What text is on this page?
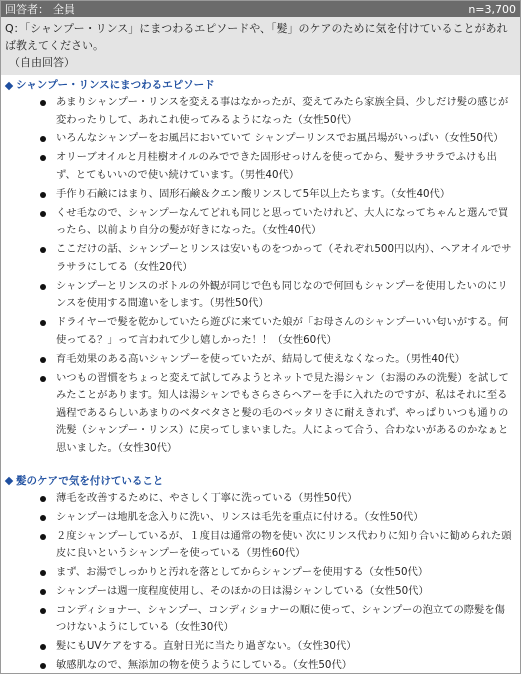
回答者： 全員	n=3,700
Q：「シャンプー・リンス」にまつわるエピソードや、「髪」のケアのために気を付けていることがあれば教えてください。
（自由回答）
シャンプー・リンスにまつわるエピソード
あまりシャンプー・リンスを変える事はなかったが、変えてみたら家族全員、少しだけ髪の感じが変わったりして、あれこれ使ってみるようになった（女性50代）
いろんなシャンプーをお風呂においていて シャンプーリンスでお風呂場がいっぱい（女性50代）
オリーブオイルと月桂樹オイルのみでできた固形せっけんを使ってから、髪サラサラでふけも出ず、とてもいいので使い続けています。（男性40代）
手作り石鹸にはまり、固形石鹸＆クエン酸リンスして5年以上たちます。（女性40代）
くせ毛なので、シャンプーなんてどれも同じと思っていたけれど、大人になってちゃんと選んで買ったら、以前より自分の髪が好きになった。（女性40代）
ここだけの話、シャンプーとリンスは安いものをつかって（それぞれ500円以内）、ヘアオイルでサラサラにしてる（女性20代）
シャンプーとリンスのボトルの外観が同じで色も同じなので何回もシャンプーを使用したいのにリンスを使用する間違いをします。（男性50代）
ドライヤーで髪を乾かしていたら遊びに来ていた娘が「お母さんのシャンプーいい匂いがする。何使ってる？」って言われて少し嬉しかった！！（女性60代）
育毛効果のある高いシャンプーを使っていたが、結局して使えなくなった。（男性40代）
いつもの習慣をちょっと変えて試してみようとネットで見た湯シャン（お湯のみの洗髪）を試してみたことがあります。知人は湯シャンでもさらさらヘアーを手に入れたのですが、私はそれに至る過程であるらしいあまりのベタベタさと髪の毛のベッタリさに耐えきれず、やっぱりいつも通りの洗髪（シャンプー・リンス）に戻ってしまいました。人によって合う、合わないがあるのかなぁと思いました。（女性30代）
髪のケアで気を付けていること
薄毛を改善するために、やさしく丁寧に洗っている（男性50代）
シャンプーは地肌を念入りに洗い、リンスは毛先を重点に付ける。（女性50代）
２度シャンプーしているが、１度目は通常の物を使い 次にリンス代わりに知り合いに勧められた頭皮に良いというシャンプーを使っている（男性60代）
まず、お湯でしっかりと汚れを落としてからシャンプーを使用する（女性50代）
シャンプーは週一度程度使用し、そのほかの日は湯シャンしている（女性50代）
コンディショナー、シャンプー、コンディショナーの順に使って、シャンプーの泡立ての際髪を傷つけないようにしている（女性30代）
髪にもUVケアをする。直射日光に当たり過ぎない。（女性30代）
敏感肌なので、無添加の物を使うようにしている。（女性50代）
